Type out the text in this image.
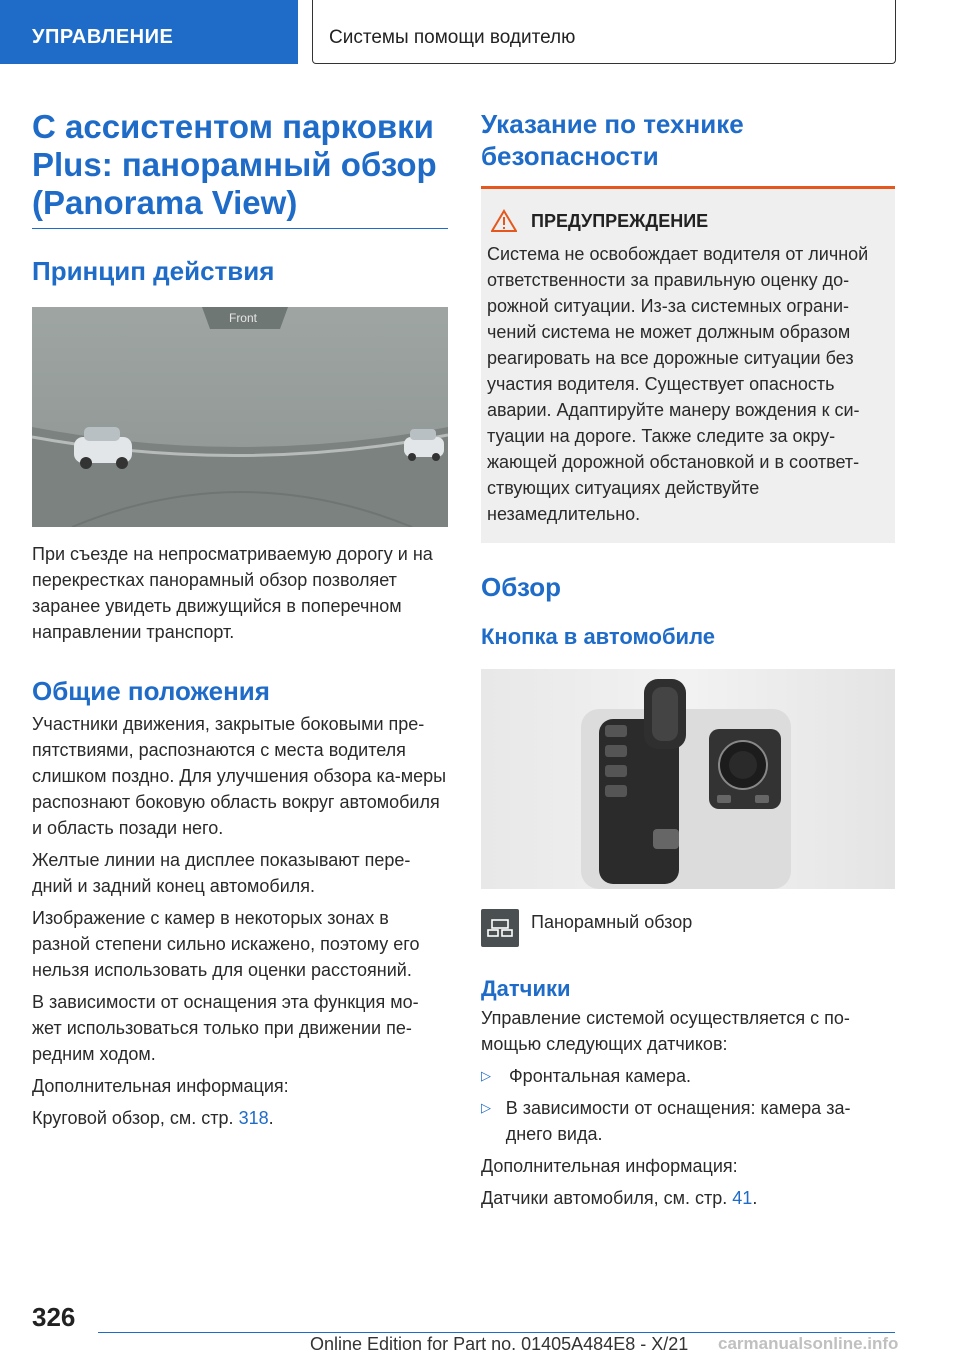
УПРАВЛЕНИЕ	Системы помощи водителю
С ассистентом парковки
Plus: панорамный обзор
(Panorama View)
Принцип действия
Front

При съезде на непросматриваемую дорогу и на перекрестках панорамный обзор позволяет заранее увидеть движущийся в поперечном направлении транспорт.

Общие положения

Участники движения, закрытые боковыми пре-пятствиями, распознаются с места водителя слишком поздно. Для улучшения обзора ка-меры распознают боковую область вокруг автомобиля и область позади него.

Желтые линии на дисплее показывают пере-дний и задний конец автомобиля.

Изображение с камер в некоторых зонах в разной степени сильно искажено, поэтому его нельзя использовать для оценки расстояний.

В зависимости от оснащения эта функция мо-жет использоваться только при движении пе-редним ходом.

Дополнительная информация:

Круговой обзор, см. стр. 318.

Указание по технике
безопасности
ПРЕДУПРЕЖДЕНИЕ

Система не освобождает водителя от личной ответственности за правильную оценку до-рожной ситуации. Из-за системных ограни-чений система не может должным образом реагировать на все дорожные ситуации без участия водителя. Существует опасность аварии. Адаптируйте манеру вождения к си-туации на дороге. Также следите за окру-жающей дорожной обстановкой и в соответ-ствующих ситуациях действуйте незамедлительно.

Обзор
Кнопка в автомобиле

Панорамный обзор

Датчики

Управление системой осуществляется с по-мощью следующих датчиков:

▷	Фронтальная камера.

▷ В зависимости от оснащения: камера за-днего вида.

Дополнительная информация:

Датчики автомобиля, см. стр. 41.

326
Online Edition for Part no. 01405A484E8 - X/21 carmanualsonline.info
